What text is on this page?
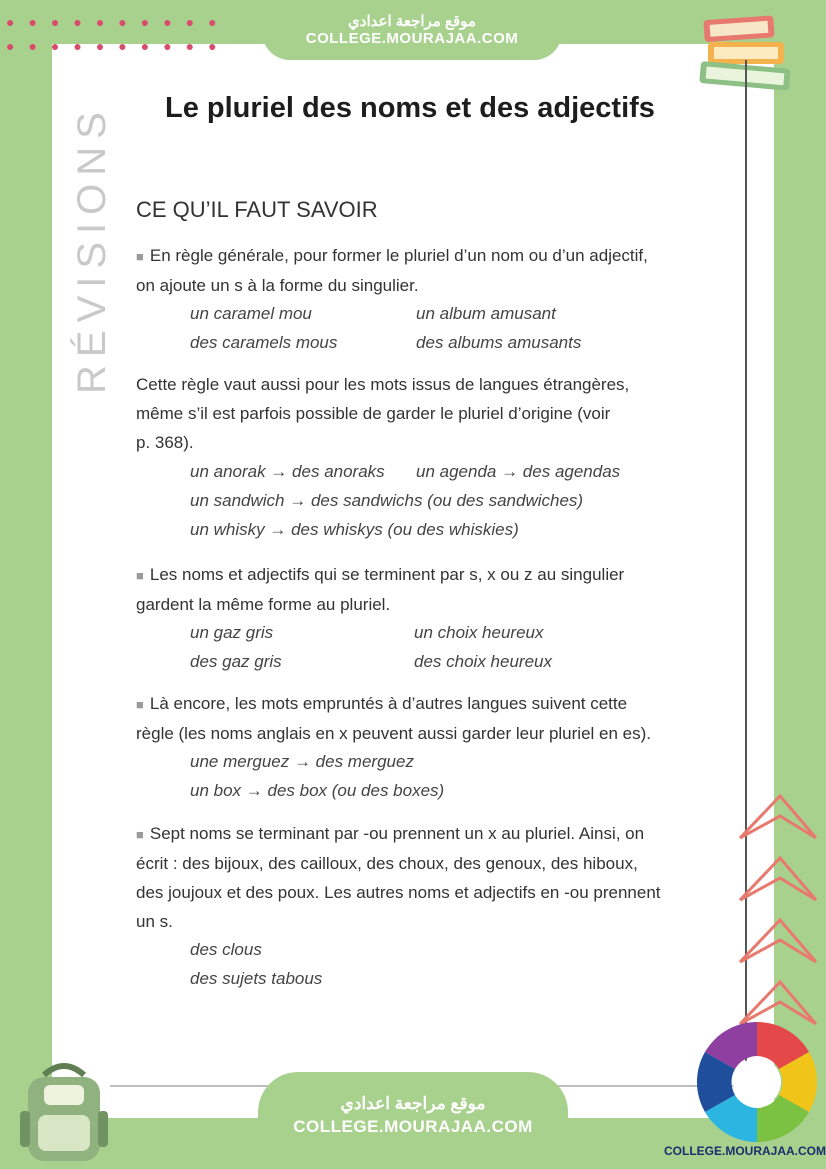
●●●●●●●●●●
●●●●●●●●●●
موقع مراجعة اعدادي
COLLEGE.MOURAJAA.COM
RÉVISIONS Le pluriel des noms et des adjectifs
CE QU’IL FAUT SAVOIR
■ En règle générale, pour former le pluriel d’un nom ou d’un adjectif,
on ajoute un s à la forme du singulier.
un caramel mou	un album amusant
des caramels mous	des albums amusants
Cette règle vaut aussi pour les mots issus de langues étrangères,
même s’il est parfois possible de garder le pluriel d’origine (voir
p. 368).
un anorak → des anoraks un agenda → des agendas
un sandwich → des sandwichs (ou des sandwiches)
un whisky → des whiskys (ou des whiskies)
■ Les noms et adjectifs qui se terminent par s, x ou z au singulier
gardent la même forme au pluriel.
un gaz gris	un choix heureux
des gaz gris	des choix heureux
■ Là encore, les mots empruntés à d’autres langues suivent cette
règle (les noms anglais en x peuvent aussi garder leur pluriel en es).
une merguez → des merguez
un box → des box (ou des boxes)
■ Sept noms se terminant par -ou prennent un x au pluriel. Ainsi, on
écrit : des bijoux, des cailloux, des choux, des genoux, des hiboux,
des joujoux et des poux. Les autres noms et adjectifs en -ou prennent
un s.
des clous
des sujets tabous
COLLEGE.MOURAJAA.COM
موقع مراجعة اعدادي
COLLEGE.MOURAJAA.COM
